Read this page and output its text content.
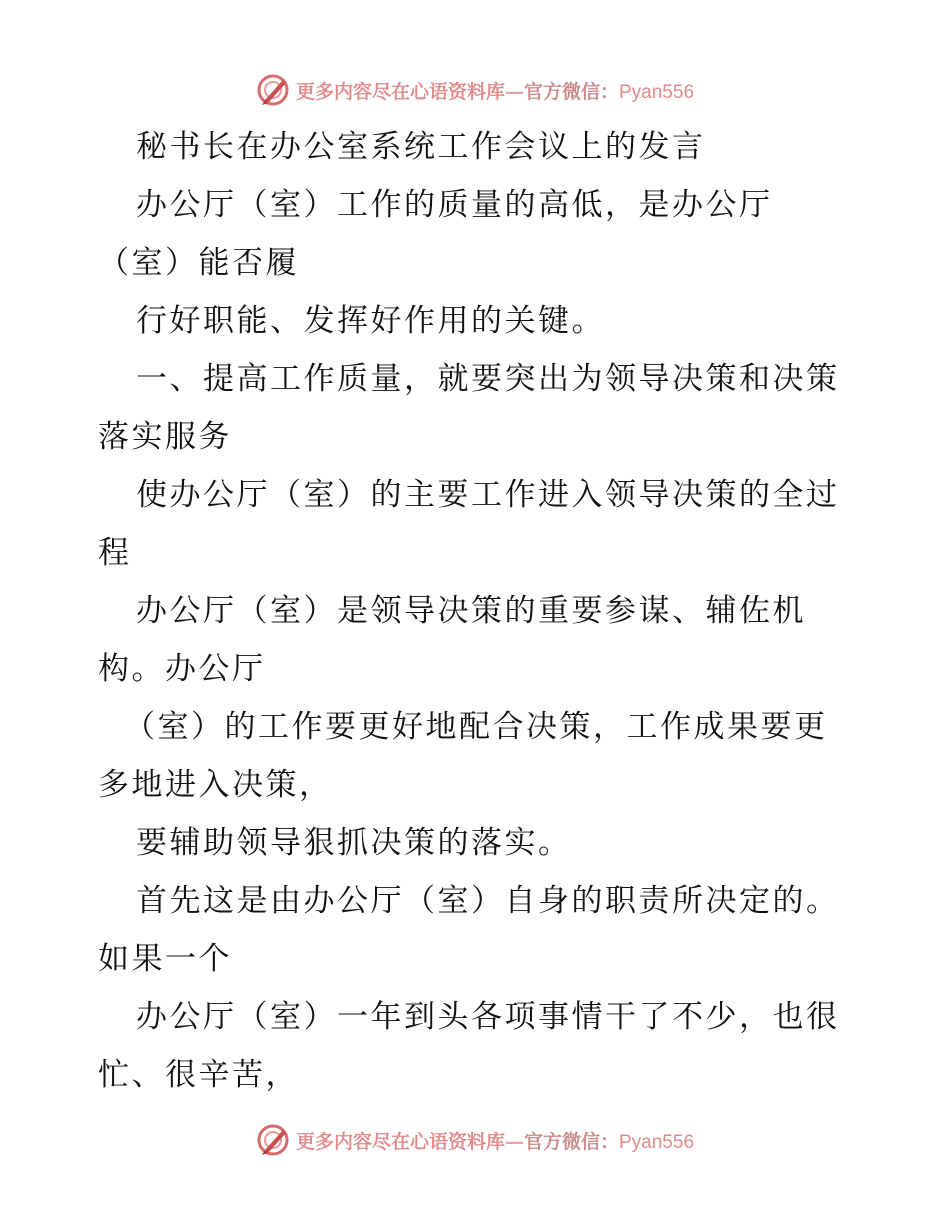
更多内容尽在心语资料库—官方微信：Pyan556
秘书长在办公室系统工作会议上的发言
办公厅（室）工作的质量的高低，是办公厅
（室）能否履
行好职能、发挥好作用的关键。
一、提高工作质量，就要突出为领导决策和决策
落实服务
使办公厅（室）的主要工作进入领导决策的全过
程
办公厅（室）是领导决策的重要参谋、辅佐机
构。办公厅
（室）的工作要更好地配合决策，工作成果要更
多地进入决策，
要辅助领导狠抓决策的落实。
首先这是由办公厅（室）自身的职责所决定的。
如果一个
办公厅（室）一年到头各项事情干了不少，也很
忙、很辛苦，
更多内容尽在心语资料库—官方微信：Pyan556
